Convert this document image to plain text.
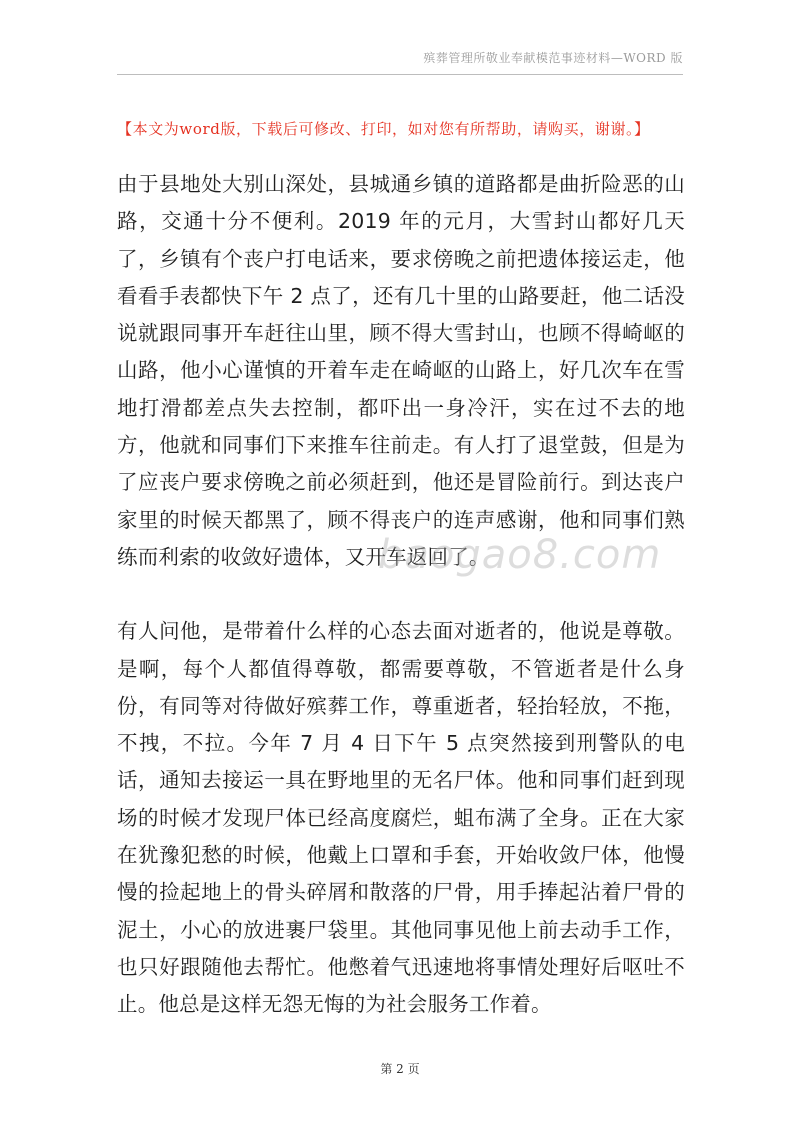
殡葬管理所敬业奉献模范事迹材料—WORD 版
【本文为word版，下载后可修改、打印，如对您有所帮助，请购买，谢谢。】

由于县地处大别山深处，县城通乡镇的道路都是曲折险恶的山路，交通十分不便利。2019 年的元月，大雪封山都好几天了，乡镇有个丧户打电话来，要求傍晚之前把遗体接运走，他看看手表都快下午 2 点了，还有几十里的山路要赶，他二话没说就跟同事开车赶往山里，顾不得大雪封山，也顾不得崎岖的山路，他小心谨慎的开着车走在崎岖的山路上，好几次车在雪地打滑都差点失去控制，都吓出一身冷汗，实在过不去的地方，他就和同事们下来推车往前走。有人打了退堂鼓，但是为了应丧户要求傍晚之前必须赶到，他还是冒险前行。到达丧户家里的时候天都黑了，顾不得丧户的连声感谢，他和同事们熟练而利索的收敛好遗体，又开车返回了。

有人问他，是带着什么样的心态去面对逝者的，他说是尊敬。是啊，每个人都值得尊敬，都需要尊敬，不管逝者是什么身份，有同等对待做好殡葬工作，尊重逝者，轻抬轻放，不拖，不拽，不拉。今年 7 月 4 日下午 5 点突然接到刑警队的电话，通知去接运一具在野地里的无名尸体。他和同事们赶到现场的时候才发现尸体已经高度腐烂，蛆布满了全身。正在大家在犹豫犯愁的时候，他戴上口罩和手套，开始收敛尸体，他慢慢的捡起地上的骨头碎屑和散落的尸骨，用手捧起沾着尸骨的泥土，小心的放进裹尸袋里。其他同事见他上前去动手工作，也只好跟随他去帮忙。他憋着气迅速地将事情处理好后呕吐不止。他总是这样无怨无悔的为社会服务工作着。

baogao8.com
第 2 页
